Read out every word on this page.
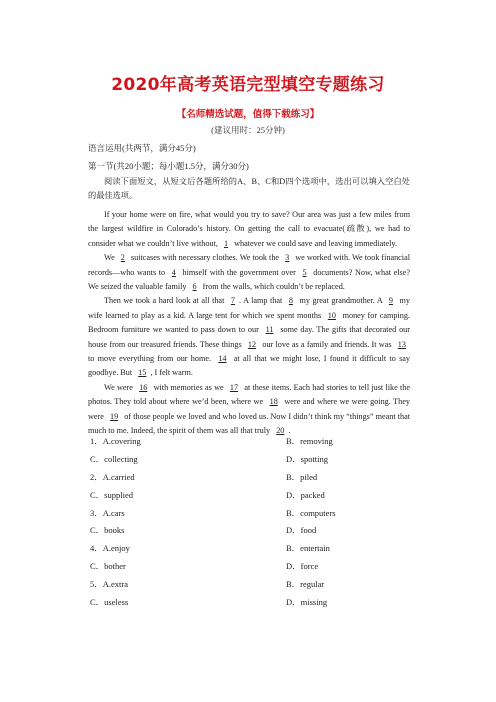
2020年高考英语完型填空专题练习
【名师精选试题，值得下载练习】
(建议用时：25分钟)
语言运用(共两节，满分45分)
第一节(共20小题；每小题1.5分，满分30分)

阅读下面短文，从短文后各题所给的A、B、C和D四个选项中，选出可以填入空白处的最佳选项。

If your home were on fire, what would you try to save? Our area was just a few miles from the largest wildfire in Colorado’s history. On getting the call to evacuate(疏散), we had to consider what we couldn’t live without, 1 whatever we could save and leaving immediately.

We 2 suitcases with necessary clothes. We took the 3 we worked with. We took financial records—who wants to 4 himself with the government over 5 documents? Now, what else? We seized the valuable family 6 from the walls, which couldn’t be replaced.

Then we took a hard look at all that 7 . A lamp that 8 my great grandmother. A 9 my wife learned to play as a kid. A large tent for which we spent months 10 money for camping. Bedroom furniture we wanted to pass down to our 11 some day. The gifts that decorated our house from our treasured friends. These things 12 our love as a family and friends. It was 13 to move everything from our home. 14 at all that we might lose, I found it difficult to say goodbye. But 15 , I felt warm.

We were 16 with memories as we 17 at these items. Each had stories to tell just like the photos. They told about where we’d been, where we 18 were and where we were going. They were 19 of those people we loved and who loved us. Now I didn’t think my “things” meant that much to me. Indeed, the spirit of them was all that truly 20 .

1．A.covering	B．removing
C．collecting	D．spotting
2．A.carried	B．piled
C．supplied	D．packed
3．A.cars	B．computers
C．books	D．food
4．A.enjoy	B．entertain
C．bother	D．force
5．A.extra	B．regular
C．useless	D．missing
